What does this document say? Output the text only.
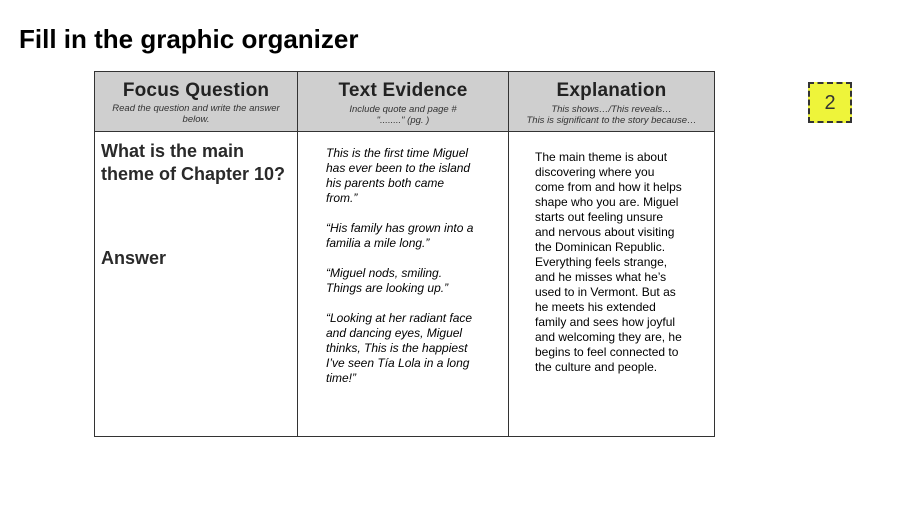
Fill in the graphic organizer
Focus Question
Read the question and write the answer below.
Text Evidence
Include quote and page #
"........" (pg. )
Explanation
This shows…/This reveals…
This is significant to the story because…
What is the main theme of Chapter 10?
Answer

This is the first time Miguel has ever been to the island his parents both came from.”

“His family has grown into a familia a mile long.”

“Miguel nods, smiling. Things are looking up.”

“Looking at her radiant face and dancing eyes, Miguel thinks, This is the happiest I’ve seen Tía Lola in a long time!”

The main theme is about discovering where you come from and how it helps shape who you are. Miguel starts out feeling unsure and nervous about visiting the Dominican Republic. Everything feels strange, and he misses what he’s used to in Vermont. But as he meets his extended family and sees how joyful and welcoming they are, he begins to feel connected to the culture and people.
2
